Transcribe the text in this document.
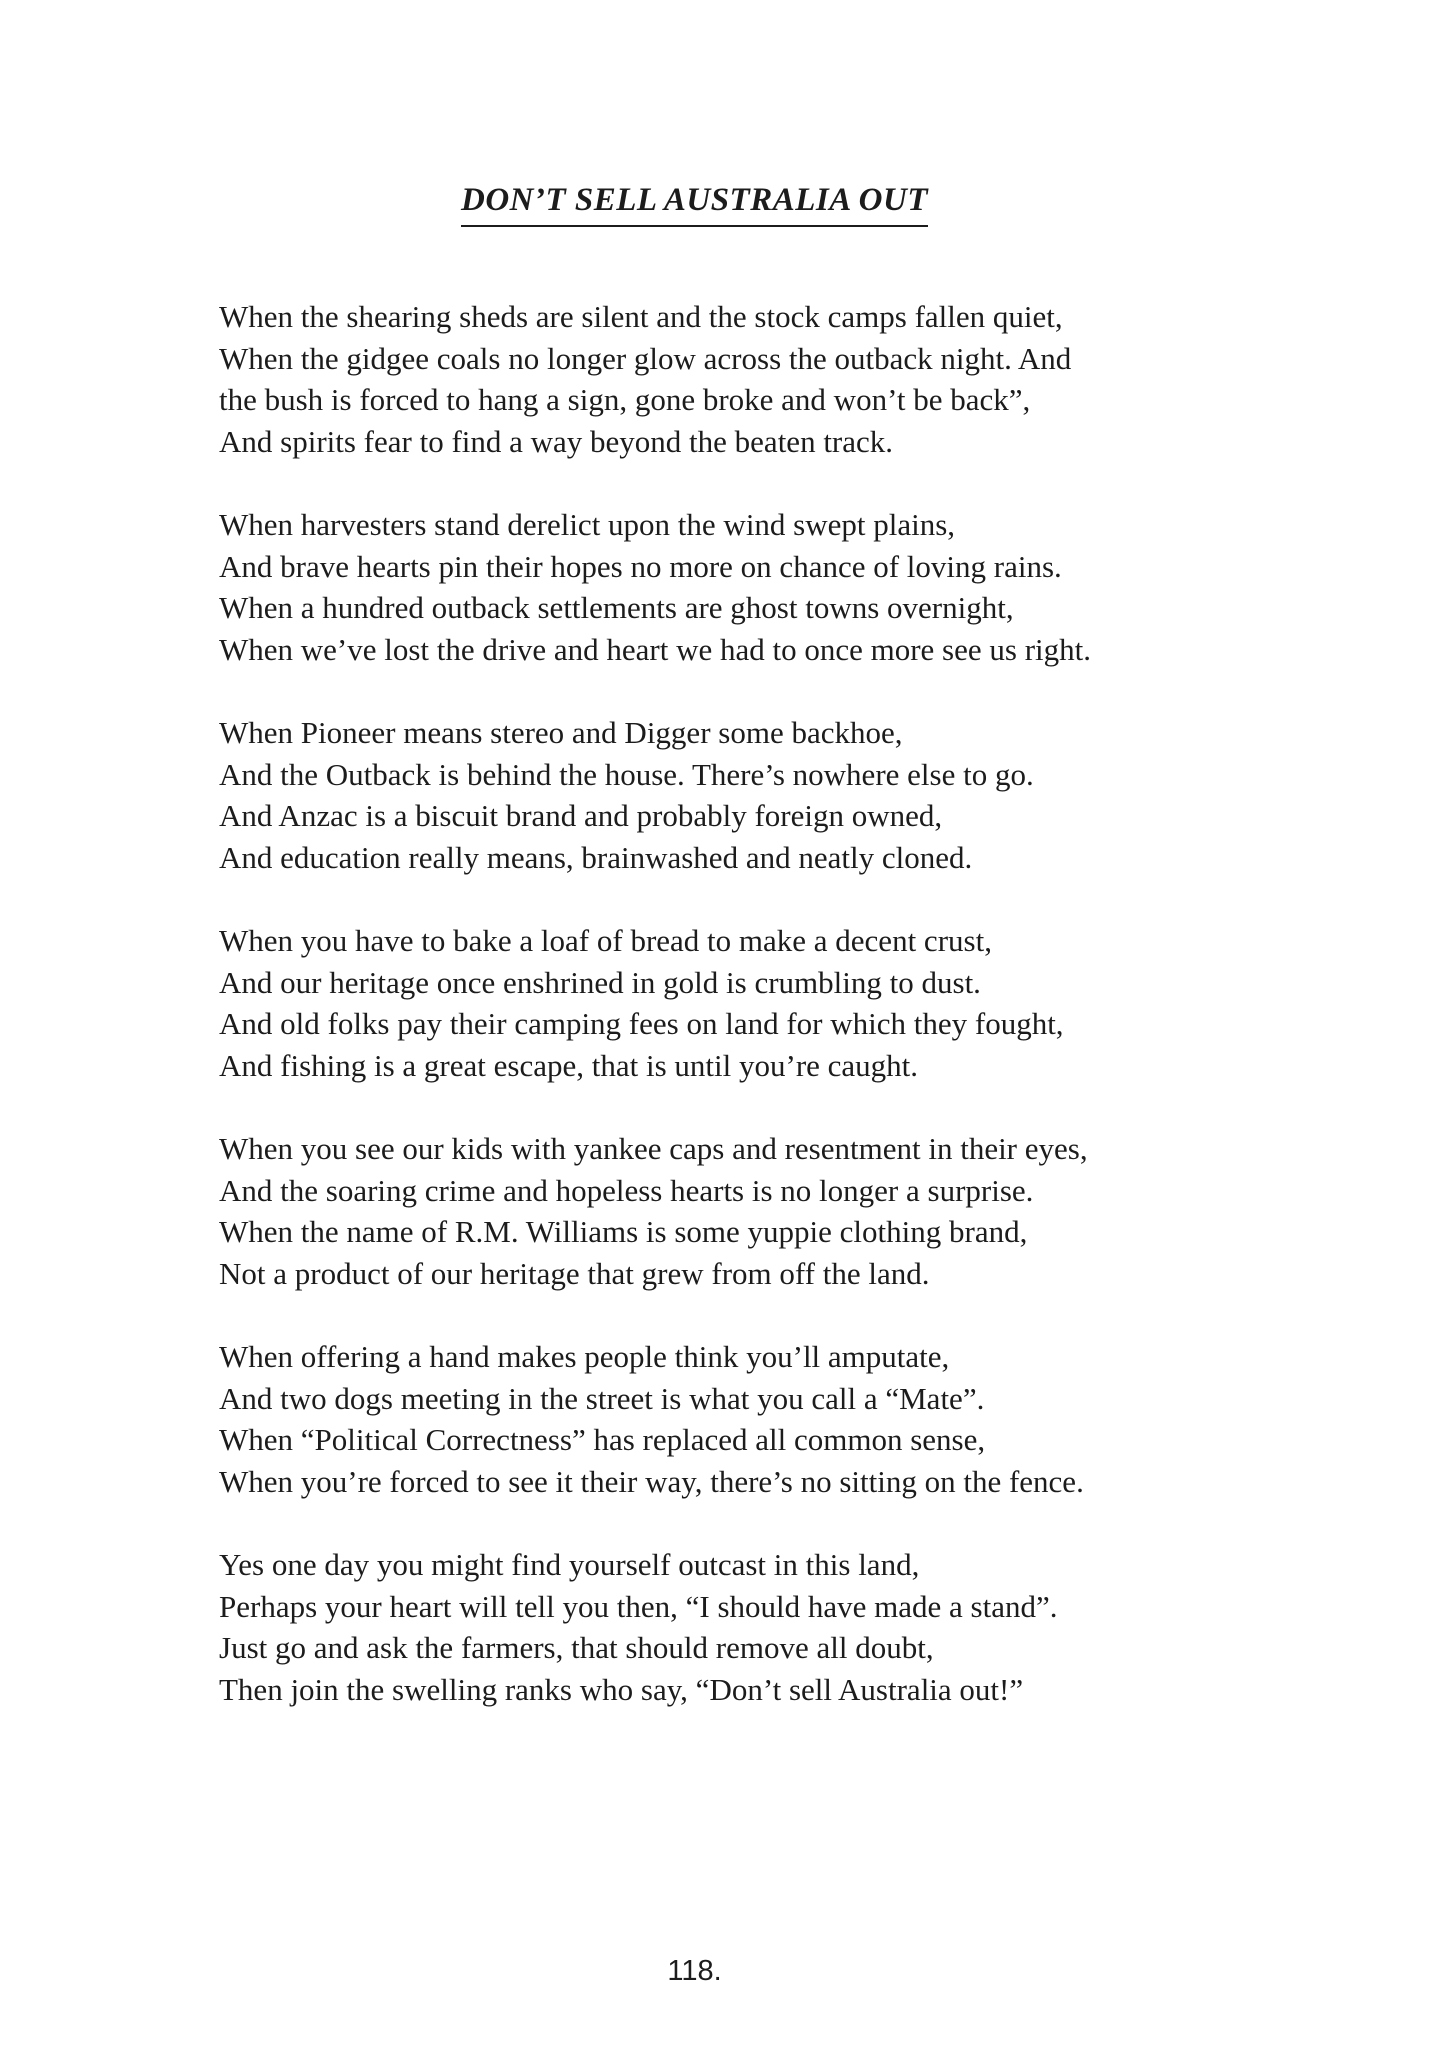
DON’T SELL AUSTRALIA OUT
When the shearing sheds are silent and the stock camps fallen quiet,
When the gidgee coals no longer glow across the outback night. And
the bush is forced to hang a sign, gone broke and won’t be back”,
And spirits fear to find a way beyond the beaten track.
When harvesters stand derelict upon the wind swept plains,
And brave hearts pin their hopes no more on chance of loving rains.
When a hundred outback settlements are ghost towns overnight,
When we’ve lost the drive and heart we had to once more see us right.
When Pioneer means stereo and Digger some backhoe,
And the Outback is behind the house. There’s nowhere else to go.
And Anzac is a biscuit brand and probably foreign owned,
And education really means, brainwashed and neatly cloned.
When you have to bake a loaf of bread to make a decent crust,
And our heritage once enshrined in gold is crumbling to dust.
And old folks pay their camping fees on land for which they fought,
And fishing is a great escape, that is until you’re caught.
When you see our kids with yankee caps and resentment in their eyes,
And the soaring crime and hopeless hearts is no longer a surprise.
When the name of R.M. Williams is some yuppie clothing brand,
Not a product of our heritage that grew from off the land.
When offering a hand makes people think you’ll amputate,
And two dogs meeting in the street is what you call a “Mate”.
When “Political Correctness” has replaced all common sense,
When you’re forced to see it their way, there’s no sitting on the fence.
Yes one day you might find yourself outcast in this land,
Perhaps your heart will tell you then, “I should have made a stand”.
Just go and ask the farmers, that should remove all doubt,
Then join the swelling ranks who say, “Don’t sell Australia out!”
118.
